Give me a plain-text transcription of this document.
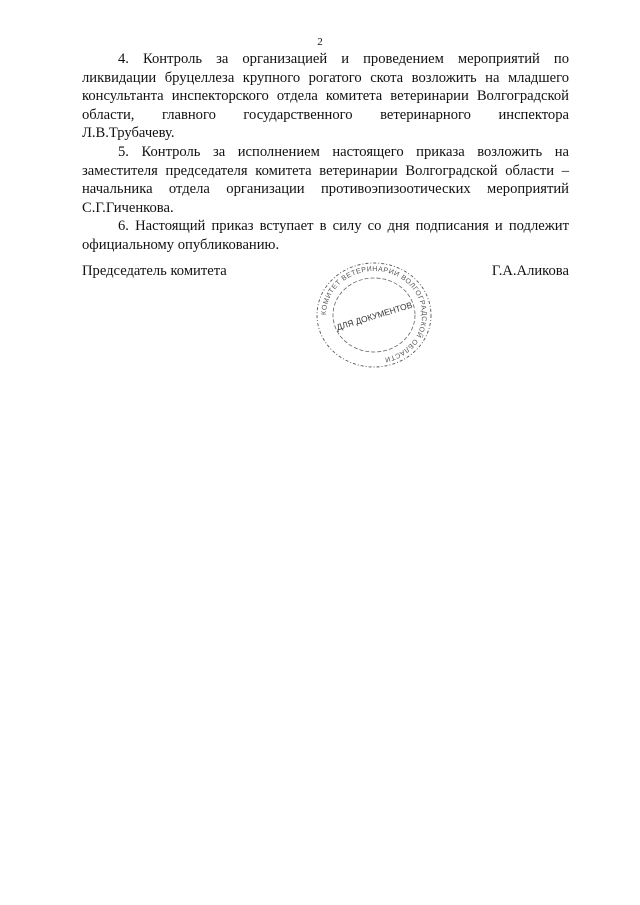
2

4. Контроль за организацией и проведением мероприятий по ликвидации бруцеллеза крупного рогатого скота возложить на младшего консультанта инспекторского отдела комитета ветеринарии Волгоградской области, главного государственного ветеринарного инспектора Л.В.Трубачеву.

5. Контроль за исполнением настоящего приказа возложить на заместителя председателя комитета ветеринарии Волгоградской области – начальника отдела организации противоэпизоотических мероприятий С.Г.Гиченкова.

6. Настоящий приказ вступает в силу со дня подписания и подлежит официальному опубликованию.

Председатель комитета	Г.А.Аликова
КОМИТЕТ ВЕТЕРИНАРИИ ВОЛГОГРАДСКОЙ ОБЛАСТИ
ДЛЯ ДОКУМЕНТОВ
